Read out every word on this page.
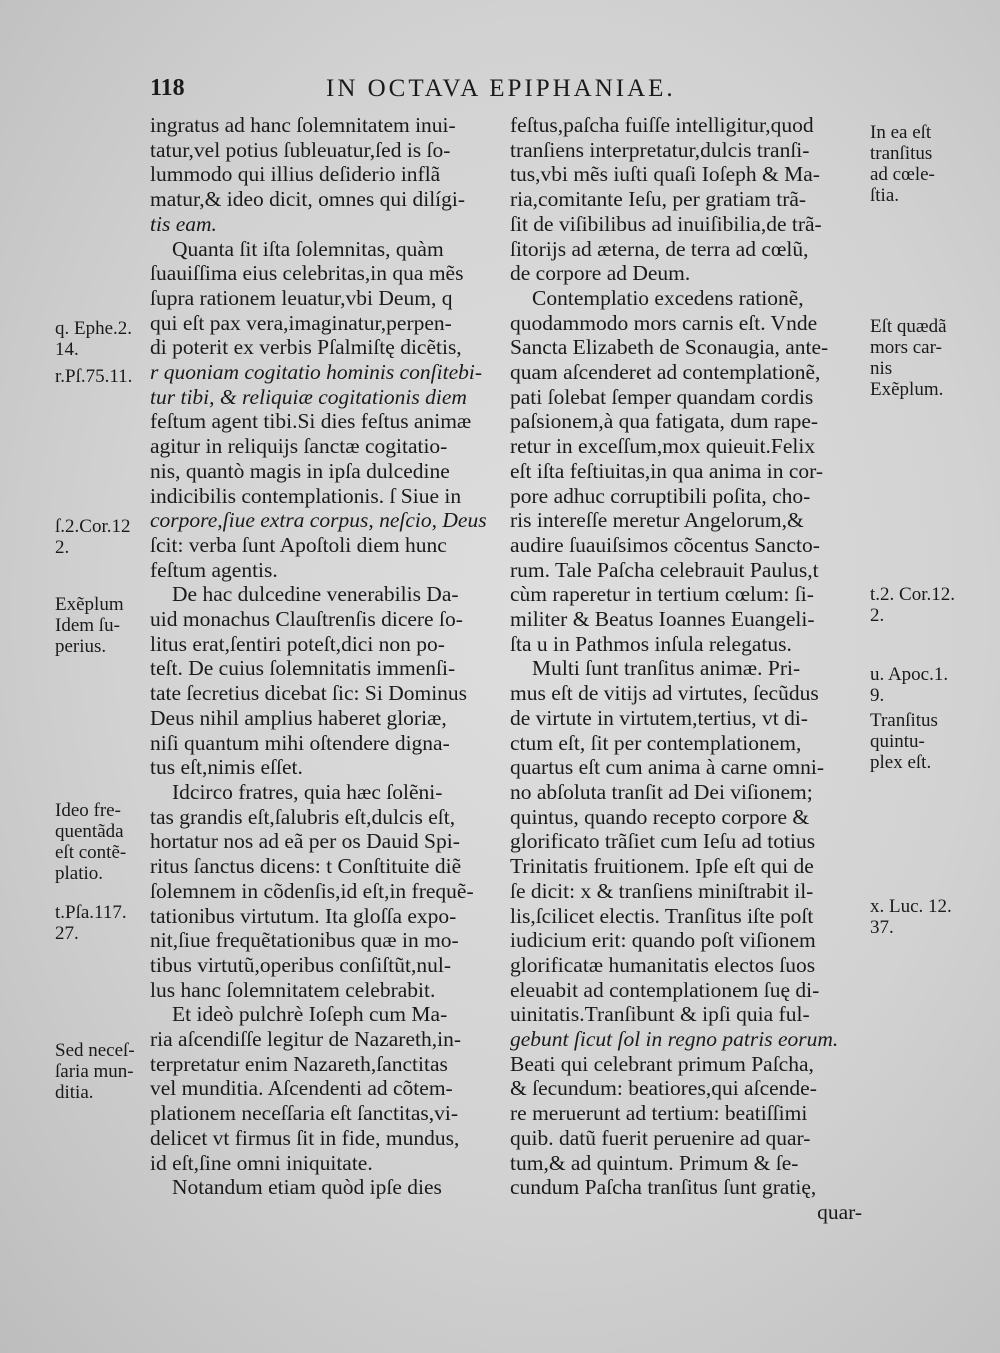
118	IN OCTAVA EPIPHANIAE.
ingratus ad hanc ſolemnitatem inui-
tatur,vel potius ſubleuatur,ſed is ſo-
lummodo qui illius deſiderio inflã
matur,& ideo dicit, omnes qui dilígi-
tis eam.
Quanta ſit iſta ſolemnitas, quàm
ſuauiſſima eius celebritas,in qua mẽs
ſupra rationem leuatur,vbi Deum, q
qui eſt pax vera,imaginatur,perpen-
di poterit ex verbis Pſalmiſtę dicẽtis,
r quoniam cogitatio hominis conſitebi-
tur tibi, & reliquiæ cogitationis diem
feſtum agent tibi.Si dies feſtus animæ
agitur in reliquijs ſanctæ cogitatio-
nis, quantò magis in ipſa dulcedine
indicibilis contemplationis. ſ Siue in
corpore,ſiue extra corpus, neſcio, Deus
ſcit: verba ſunt Apoſtoli diem hunc
feſtum agentis.
De hac dulcedine venerabilis Da-
uid monachus Clauſtrenſis dicere ſo-
litus erat,ſentiri poteſt,dici non po-
teſt. De cuius ſolemnitatis immenſi-
tate ſecretius dicebat ſic: Si Dominus
Deus nihil amplius haberet gloriæ,
niſi quantum mihi oſtendere digna-
tus eſt,nimis eſſet.
Idcirco fratres, quia hæc ſolẽni-
tas grandis eſt,ſalubris eſt,dulcis eſt,
hortatur nos ad eã per os Dauid Spi-
ritus ſanctus dicens: t Conſtituite diẽ
ſolemnem in cõdenſis,id eſt,in frequẽ-
tationibus virtutum. Ita gloſſa expo-
nit,ſiue frequẽtationibus quæ in mo-
tibus virtutũ,operibus conſiſtũt,nul-
lus hanc ſolemnitatem celebrabit.
Et ideò pulchrè Ioſeph cum Ma-
ria aſcendiſſe legitur de Nazareth,in-
terpretatur enim Nazareth,ſanctitas
vel munditia. Aſcendenti ad cõtem-
plationem neceſſaria eſt ſanctitas,vi-
delicet vt firmus ſit in fide, mundus,
id eſt,ſine omni iniquitate.
Notandum etiam quòd ipſe dies
feſtus,paſcha fuiſſe intelligitur,quod
tranſiens interpretatur,dulcis tranſi-
tus,vbi mẽs iuſti quaſi Ioſeph & Ma-
ria,comitante Ieſu, per gratiam trã-
ſit de viſibilibus ad inuiſibilia,de trã-
ſitorijs ad æterna, de terra ad cœlũ,
de corpore ad Deum.
Contemplatio excedens rationẽ,
quodammodo mors carnis eſt. Vnde
Sancta Elizabeth de Sconaugia, ante-
quam aſcenderet ad contemplationẽ,
pati ſolebat ſemper quandam cordis
paſsionem,à qua fatigata, dum rape-
retur in exceſſum,mox quieuit.Felix
eſt iſta feſtiuitas,in qua anima in cor-
pore adhuc corruptibili poſita, cho-
ris intereſſe meretur Angelorum,&
audire ſuauiſsimos cõcentus Sancto-
rum. Tale Paſcha celebrauit Paulus,t
cùm raperetur in tertium cœlum: ſi-
militer & Beatus Ioannes Euangeli-
ſta u in Pathmos inſula relegatus.
Multi ſunt tranſitus animæ. Pri-
mus eſt de vitijs ad virtutes, ſecũdus
de virtute in virtutem,tertius, vt di-
ctum eſt, ſit per contemplationem,
quartus eſt cum anima à carne omni-
no abſoluta tranſit ad Dei viſionem;
quintus, quando recepto corpore &
glorificato trãſiet cum Ieſu ad totius
Trinitatis fruitionem. Ipſe eſt qui de
ſe dicit: x & tranſiens miniſtrabit il-
lis,ſcilicet electis. Tranſitus iſte poſt
iudicium erit: quando poſt viſionem
glorificatæ humanitatis electos ſuos
eleuabit ad contemplationem ſuę di-
uinitatis.Tranſibunt & ipſi quia ful-
gebunt ſicut ſol in regno patris eorum.
Beati qui celebrant primum Paſcha,
& ſecundum: beatiores,qui aſcende-
re meruerunt ad tertium: beatiſſimi
quib. datũ fuerit peruenire ad quar-
tum,& ad quintum. Primum & ſe-
cundum Paſcha tranſitus ſunt gratię,
quar-
q. Ephe.2.
14.
r.Pſ.75.11.
ſ.2.Cor.12
2.
Exẽplum
Idem ſu-
perius.
Ideo fre-
quentãda
eſt contẽ-
platio.
t.Pſa.117.
27.
Sed neceſ-
ſaria mun-
ditia.
In ea eſt
tranſitus
ad cœle-
ſtia.
Eſt quædã
mors car-
nis
Exẽplum.
t.2. Cor.12.
2.
u. Apoc.1.
9.
Tranſitus
quintu-
plex eſt.
x. Luc. 12.
37.
